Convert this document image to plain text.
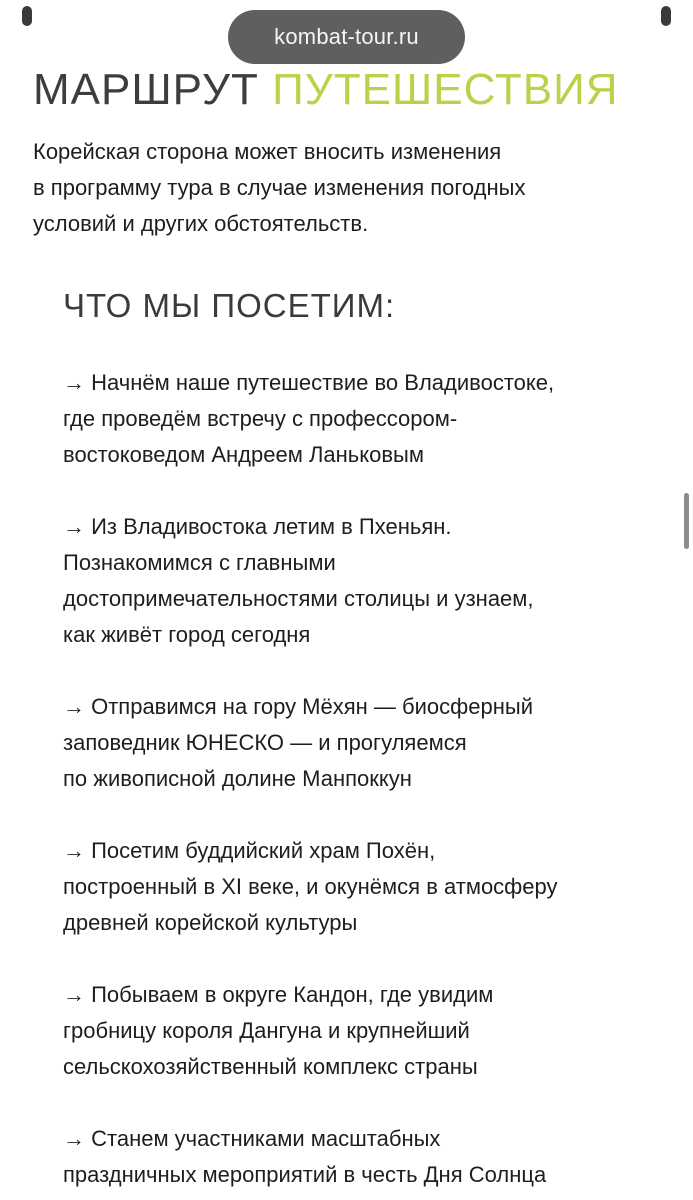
kombat-tour.ru
МАРШРУТ ПУТЕШЕСТВИЯ

Корейская сторона может вносить изменения
в программу тура в случае изменения погодных
условий и других обстоятельств.

ЧТО МЫ ПОСЕТИМ:
→ Начнём наше путешествие во Владивостоке,
где проведём встречу с профессором-
востоковедом Андреем Ланьковым
→ Из Владивостока летим в Пхеньян.
Познакомимся с главными
достопримечательностями столицы и узнаем,
как живёт город сегодня
→ Отправимся на гору Мёхян — биосферный
заповедник ЮНЕСКО — и прогуляемся
по живописной долине Манпоккун
→ Посетим буддийский храм Похён,
построенный в XI веке, и окунёмся в атмосферу
древней корейской культуры
→ Побываем в округе Кандон, где увидим
гробницу короля Дангуна и крупнейший
сельскохозяйственный комплекс страны
→ Станем участниками масштабных
праздничных мероприятий в честь Дня Солнца
